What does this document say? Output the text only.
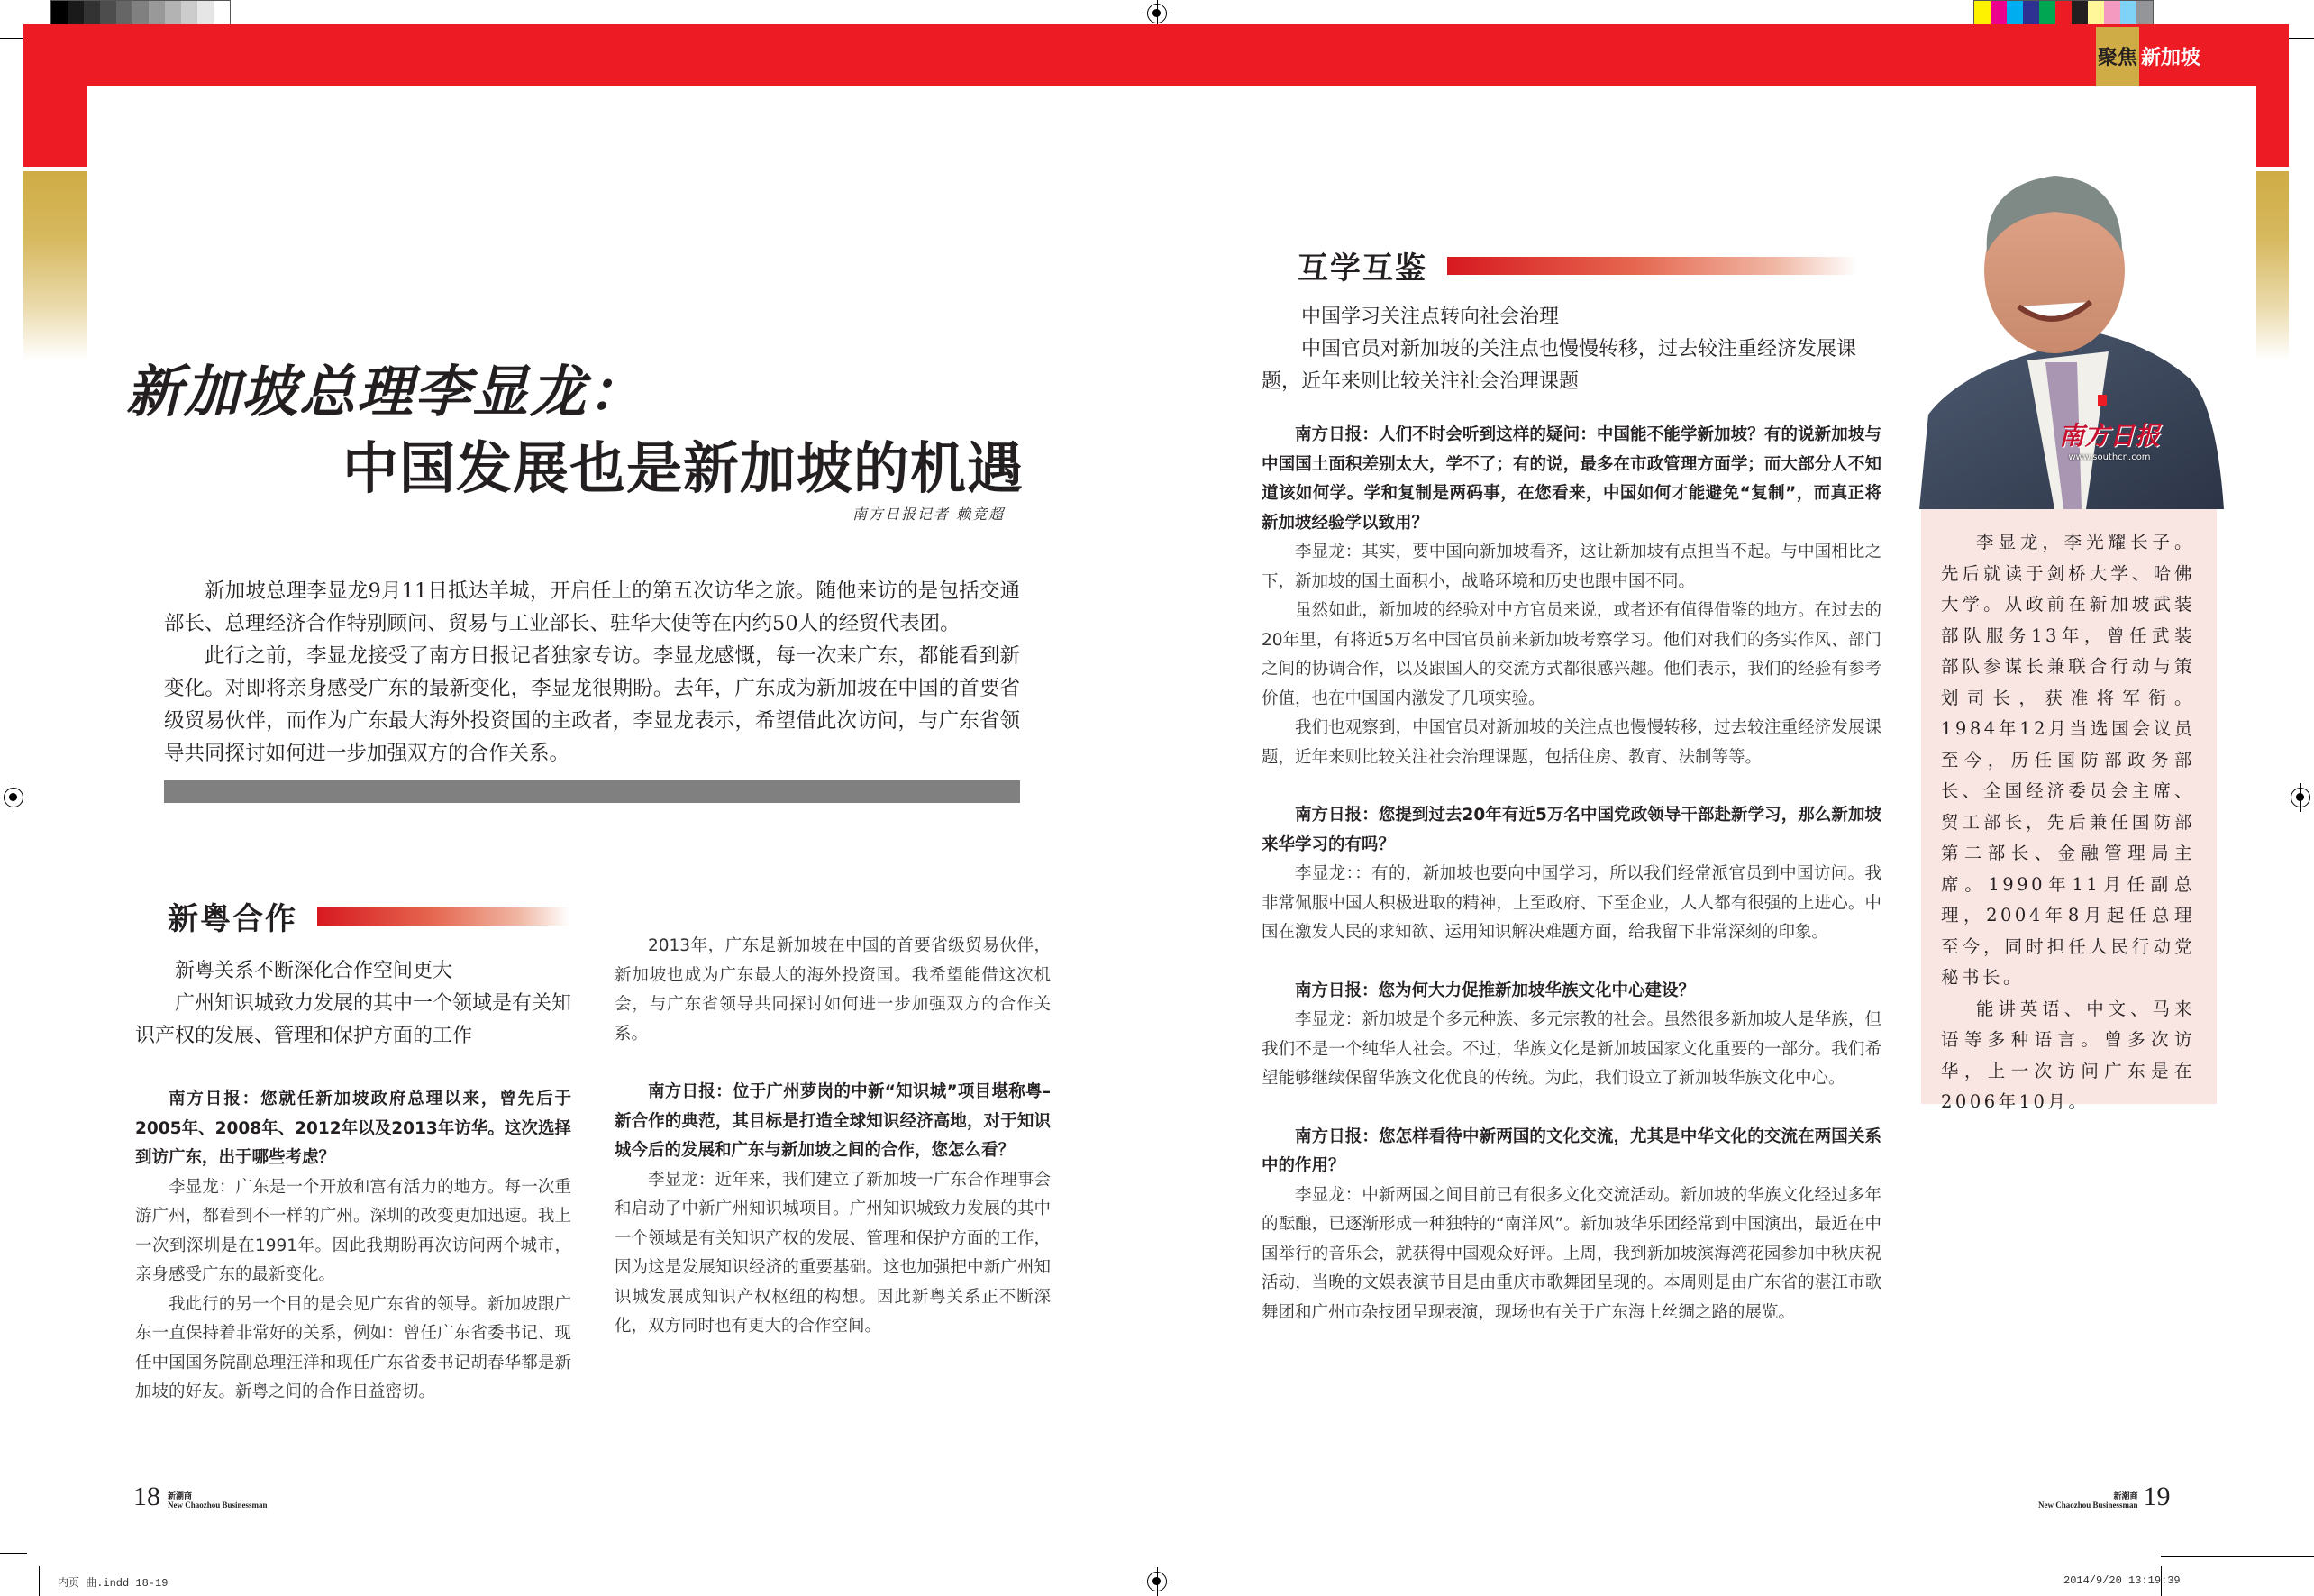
聚焦 新加坡
新加坡总理李显龙：
中国发展也是新加坡的机遇
南方日报记者 赖竞超

新加坡总理李显龙9月11日抵达羊城，开启任上的第五次访华之旅。随他来访的是包括交通部长、总理经济合作特别顾问、贸易与工业部长、驻华大使等在内约50人的经贸代表团。

此行之前，李显龙接受了南方日报记者独家专访。李显龙感慨，每一次来广东，都能看到新变化。对即将亲身感受广东的最新变化，李显龙很期盼。去年，广东成为新加坡在中国的首要省级贸易伙伴，而作为广东最大海外投资国的主政者，李显龙表示，希望借此次访问，与广东省领导共同探讨如何进一步加强双方的合作关系。

新粤合作

新粤关系不断深化合作空间更大

广州知识城致力发展的其中一个领域是有关知识产权的发展、管理和保护方面的工作

南方日报：您就任新加坡政府总理以来，曾先后于2005年、2008年、2012年以及2013年访华。这次选择到访广东，出于哪些考虑？

李显龙：广东是一个开放和富有活力的地方。每一次重游广州，都看到不一样的广州。深圳的改变更加迅速。我上一次到深圳是在1991年。因此我期盼再次访问两个城市，亲身感受广东的最新变化。

我此行的另一个目的是会见广东省的领导。新加坡跟广东一直保持着非常好的关系，例如：曾任广东省委书记、现任中国国务院副总理汪洋和现任广东省委书记胡春华都是新加坡的好友。新粤之间的合作日益密切。

2013年，广东是新加坡在中国的首要省级贸易伙伴，新加坡也成为广东最大的海外投资国。我希望能借这次机会，与广东省领导共同探讨如何进一步加强双方的合作关系。

南方日报：位于广州萝岗的中新“知识城”项目堪称粤–新合作的典范，其目标是打造全球知识经济高地，对于知识城今后的发展和广东与新加坡之间的合作，您怎么看？

李显龙：近年来，我们建立了新加坡一广东合作理事会和启动了中新广州知识城项目。广州知识城致力发展的其中一个领域是有关知识产权的发展、管理和保护方面的工作，因为这是发展知识经济的重要基础。这也加强把中新广州知识城发展成知识产权枢纽的构想。因此新粤关系正不断深化，双方同时也有更大的合作空间。

互学互鉴

中国学习关注点转向社会治理

中国官员对新加坡的关注点也慢慢转移，过去较注重经济发展课题，近年来则比较关注社会治理课题

南方日报：人们不时会听到这样的疑问：中国能不能学新加坡？有的说新加坡与中国国土面积差别太大，学不了；有的说，最多在市政管理方面学；而大部分人不知道该如何学。学和复制是两码事，在您看来，中国如何才能避免“复制”，而真正将新加坡经验学以致用？

李显龙：其实，要中国向新加坡看齐，这让新加坡有点担当不起。与中国相比之下，新加坡的国土面积小，战略环境和历史也跟中国不同。

虽然如此，新加坡的经验对中方官员来说，或者还有值得借鉴的地方。在过去的20年里，有将近5万名中国官员前来新加坡考察学习。他们对我们的务实作风、部门之间的协调合作，以及跟国人的交流方式都很感兴趣。他们表示，我们的经验有参考价值，也在中国国内激发了几项实验。

我们也观察到，中国官员对新加坡的关注点也慢慢转移，过去较注重经济发展课题，近年来则比较关注社会治理课题，包括住房、教育、法制等等。

南方日报：您提到过去20年有近5万名中国党政领导干部赴新学习，那么新加坡来华学习的有吗？

李显龙：：有的，新加坡也要向中国学习，所以我们经常派官员到中国访问。我非常佩服中国人积极进取的精神，上至政府、下至企业，人人都有很强的上进心。中国在激发人民的求知欲、运用知识解决难题方面，给我留下非常深刻的印象。

南方日报：您为何大力促推新加坡华族文化中心建设？

李显龙：新加坡是个多元种族、多元宗教的社会。虽然很多新加坡人是华族，但我们不是一个纯华人社会。不过，华族文化是新加坡国家文化重要的一部分。我们希望能够继续保留华族文化优良的传统。为此，我们设立了新加坡华族文化中心。

南方日报：您怎样看待中新两国的文化交流，尤其是中华文化的交流在两国关系中的作用？

李显龙：中新两国之间目前已有很多文化交流活动。新加坡的华族文化经过多年的酝酿，已逐渐形成一种独特的“南洋风”。新加坡华乐团经常到中国演出，最近在中国举行的音乐会，就获得中国观众好评。上周，我到新加坡滨海湾花园参加中秋庆祝活动，当晚的文娱表演节目是由重庆市歌舞团呈现的。本周则是由广东省的湛江市歌舞团和广州市杂技团呈现表演，现场也有关于广东海上丝绸之路的展览。

南方日报
www.southcn.com

李显龙，李光耀长子。先后就读于剑桥大学、哈佛大学。从政前在新加坡武装部队服务13年，曾任武装部队参谋长兼联合行动与策划司长，获准将军衔。1984年12月当选国会议员至今，历任国防部政务部长、全国经济委员会主席、贸工部长，先后兼任国防部第二部长、金融管理局主席。1990年11月任副总理，2004年8月起任总理至今，同时担任人民行动党秘书长。

能讲英语、中文、马来语等多种语言。曾多次访华，上一次访问广东是在2006年10月。

18 新潮商
New Chaozhou Businessman
新潮商
New Chaozhou Businessman 19
内页 曲.indd 18-19	2014/9/20 13:19:39
